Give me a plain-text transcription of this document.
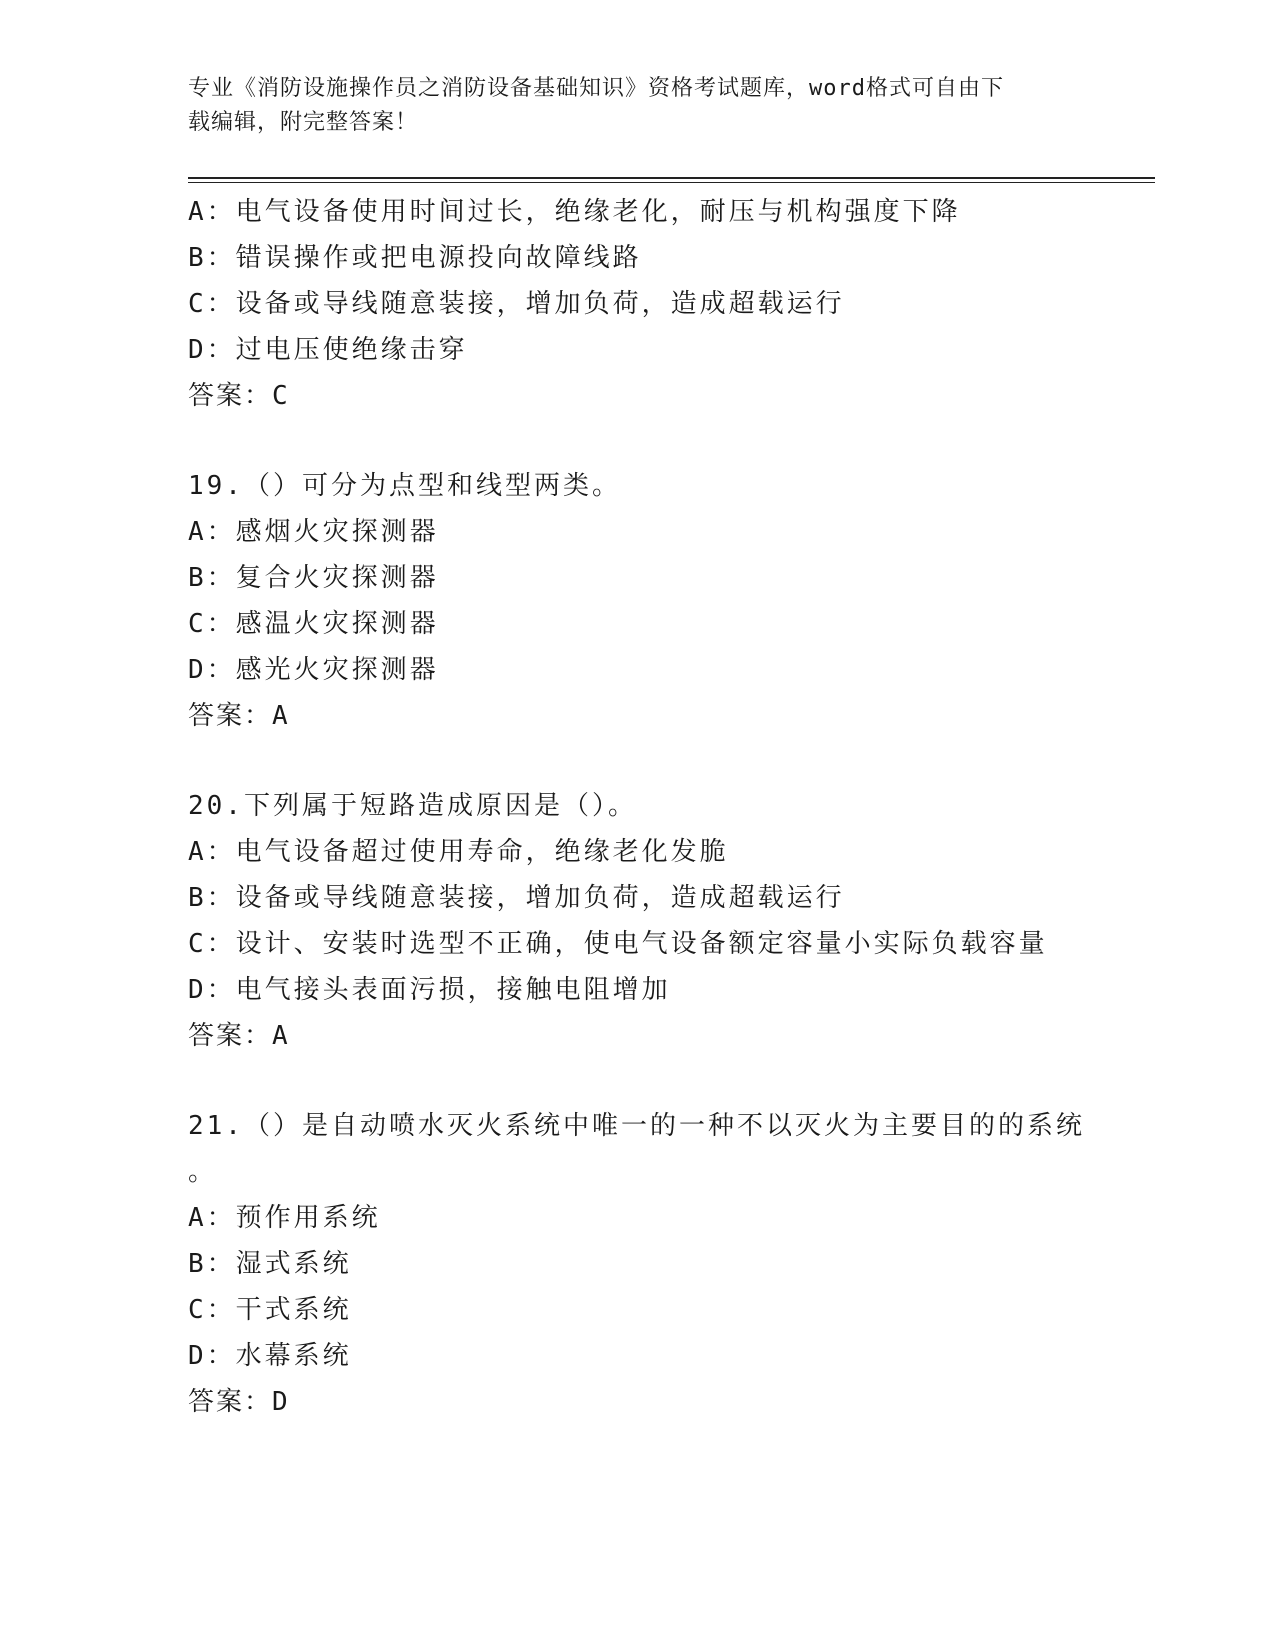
专业《消防设施操作员之消防设备基础知识》资格考试题库，word格式可自由下
载编辑，附完整答案！
A：电气设备使用时间过长，绝缘老化，耐压与机构强度下降
B：错误操作或把电源投向故障线路
C：设备或导线随意装接，增加负荷，造成超载运行
D：过电压使绝缘击穿
答案：C
19.（）可分为点型和线型两类。
A：感烟火灾探测器
B：复合火灾探测器
C：感温火灾探测器
D：感光火灾探测器
答案：A
20.下列属于短路造成原因是（）。
A：电气设备超过使用寿命，绝缘老化发脆
B：设备或导线随意装接，增加负荷，造成超载运行
C：设计、安装时选型不正确，使电气设备额定容量小实际负载容量
D：电气接头表面污损，接触电阻增加
答案：A
21.（）是自动喷水灭火系统中唯一的一种不以灭火为主要目的的系统
。
A：预作用系统
B：湿式系统
C：干式系统
D：水幕系统
答案：D
